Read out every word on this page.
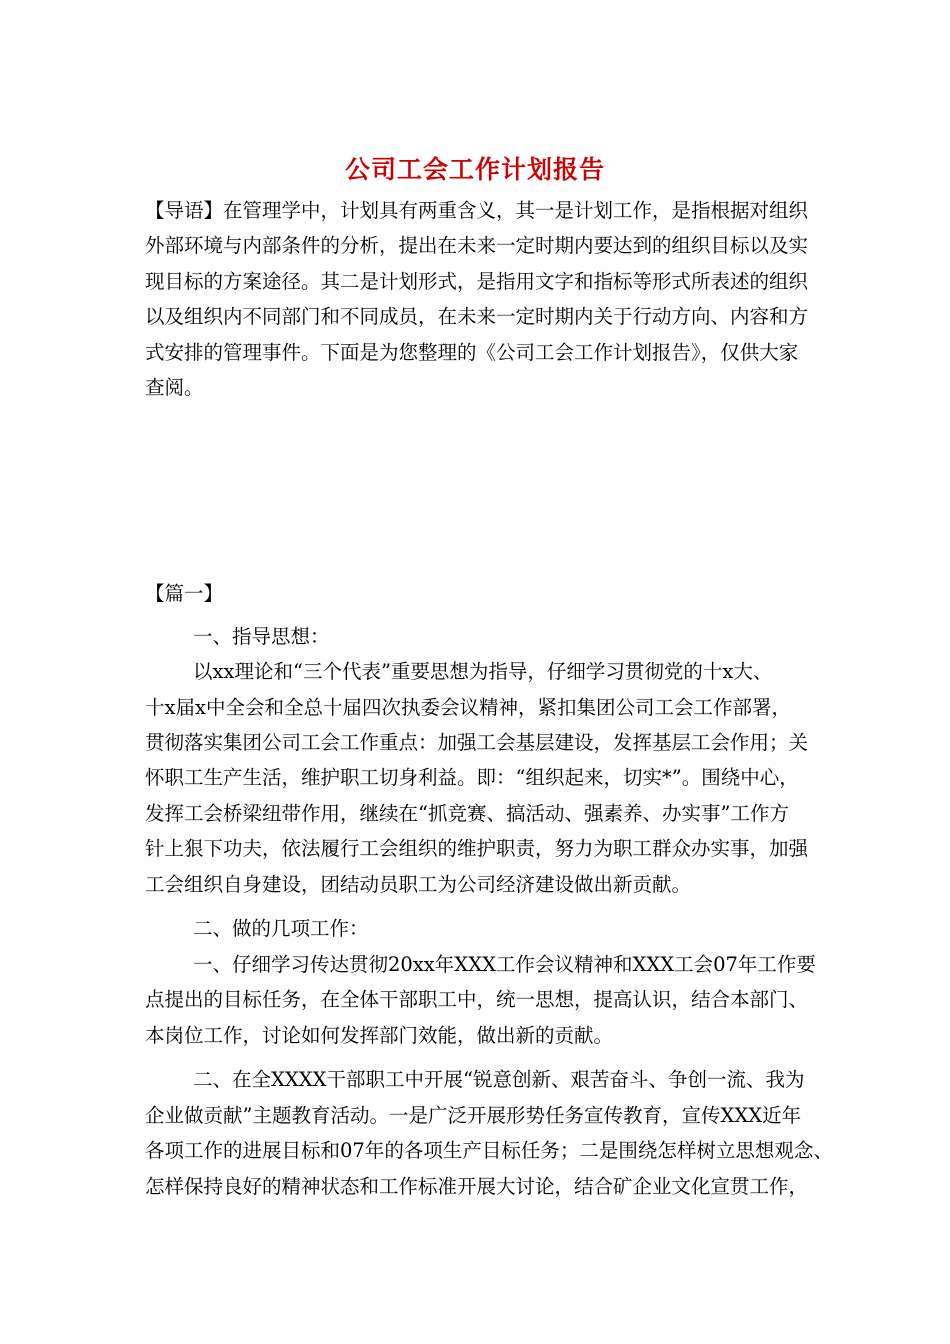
公司工会工作计划报告
【导语】在管理学中，计划具有两重含义，其一是计划工作，是指根据对组织
外部环境与内部条件的分析，提出在未来一定时期内要达到的组织目标以及实
现目标的方案途径。其二是计划形式，是指用文字和指标等形式所表述的组织
以及组织内不同部门和不同成员，在未来一定时期内关于行动方向、内容和方
式安排的管理事件。下面是为您整理的《公司工会工作计划报告》，仅供大家
查阅。
【篇一】
一、指导思想：
以xx理论和“三个代表”重要思想为指导，仔细学习贯彻党的十x大、
十x届x中全会和全总十届四次执委会议精神，紧扣集团公司工会工作部署，
贯彻落实集团公司工会工作重点：加强工会基层建设，发挥基层工会作用；关
怀职工生产生活，维护职工切身利益。即：“组织起来，切实*”。围绕中心，
发挥工会桥梁纽带作用，继续在“抓竞赛、搞活动、强素养、办实事”工作方
针上狠下功夫，依法履行工会组织的维护职责，努力为职工群众办实事，加强
工会组织自身建设，团结动员职工为公司经济建设做出新贡献。
二、做的几项工作：
一、仔细学习传达贯彻20xx年XXX工作会议精神和XXX工会07年工作要
点提出的目标任务，在全体干部职工中，统一思想，提高认识，结合本部门、
本岗位工作，讨论如何发挥部门效能，做出新的贡献。
二、在全XXXX干部职工中开展“锐意创新、艰苦奋斗、争创一流、我为
企业做贡献”主题教育活动。一是广泛开展形势任务宣传教育，宣传XXX近年
各项工作的进展目标和07年的各项生产目标任务；二是围绕怎样树立思想观念、
怎样保持良好的精神状态和工作标准开展大讨论，结合矿企业文化宣贯工作，
